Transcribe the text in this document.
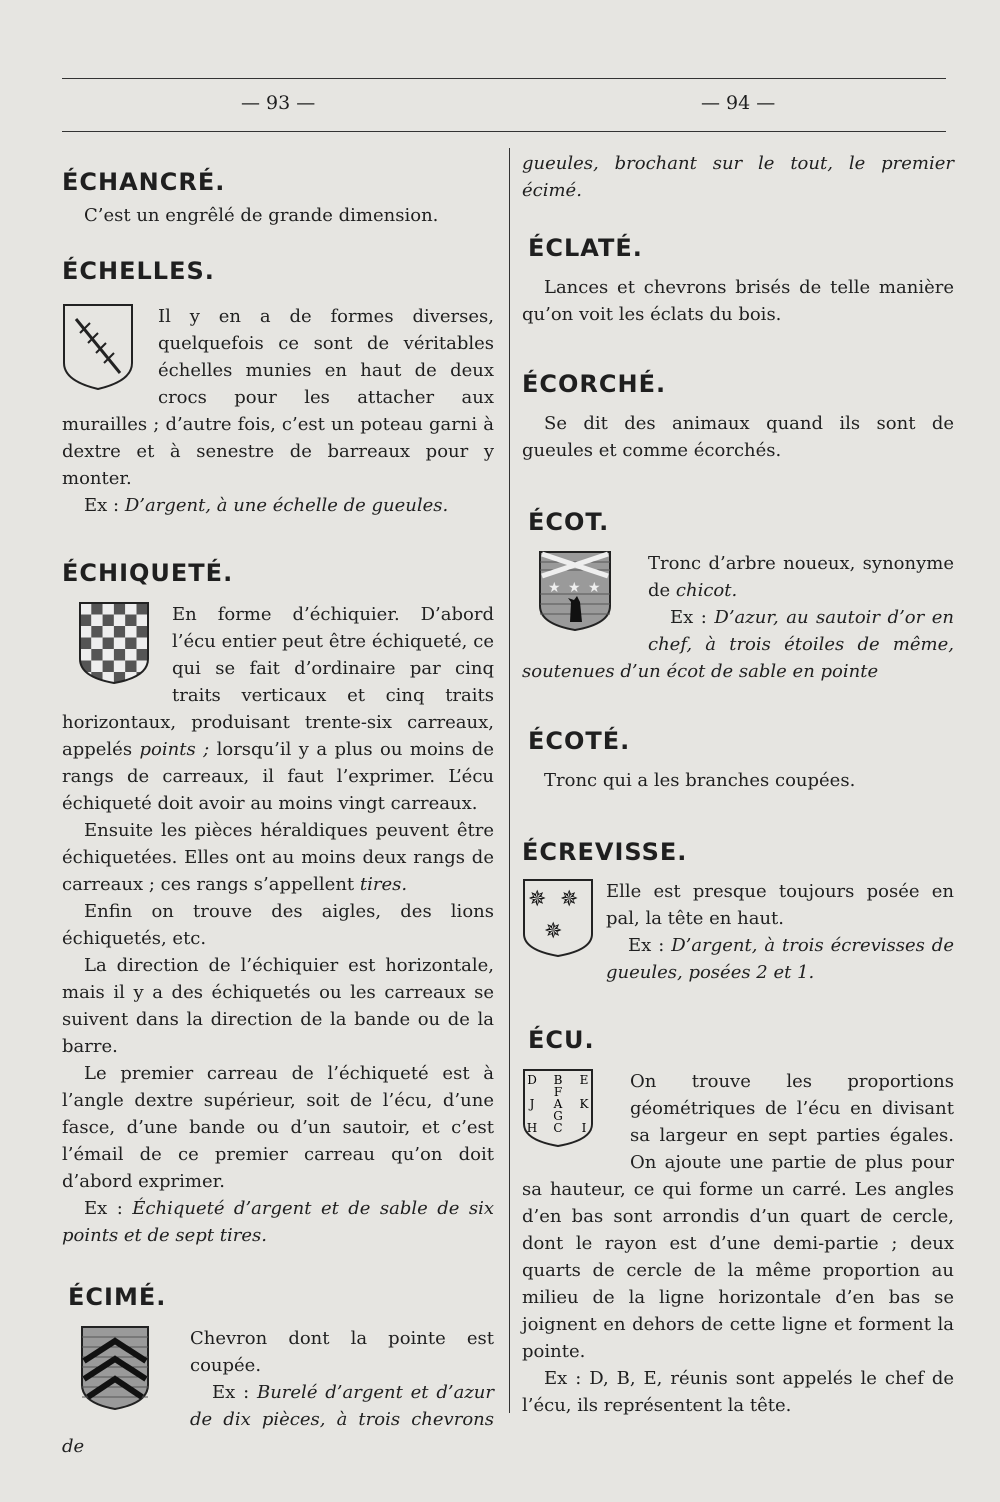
— 93 —	— 94 —
ÉCHANCRÉ.

C’est un engrêlé de grande dimension.

ÉCHELLES.

Il y en a de formes diverses, quelquefois ce sont de véritables échelles munies en haut de deux crocs pour les attacher aux murailles ; d’autre fois, c’est un poteau garni à dextre et à senestre de barreaux pour y monter.

Ex : D’argent, à une échelle de gueules.

ÉCHIQUETÉ.

En forme d’échiquier. D’abord l’écu entier peut être échiqueté, ce qui se fait d’ordinaire par cinq traits verticaux et cinq traits horizontaux, produisant trente-six carreaux, appelés points ; lorsqu’il y a plus ou moins de rangs de carreaux, il faut l’exprimer. L’écu échiqueté doit avoir au moins vingt carreaux.

Ensuite les pièces héraldiques peuvent être échiquetées. Elles ont au moins deux rangs de carreaux ; ces rangs s’appellent tires.

Enfin on trouve des aigles, des lions échiquetés, etc.

La direction de l’échiquier est horizontale, mais il y a des échiquetés ou les carreaux se suivent dans la direction de la bande ou de la barre.

Le premier carreau de l’échiqueté est à l’angle dextre supérieur, soit de l’écu, d’une fasce, d’une bande ou d’un sautoir, et c’est l’émail de ce premier carreau qu’on doit d’abord exprimer.

Ex : Échiqueté d’argent et de sable de six points et de sept tires.

ÉCIMÉ.

Chevron dont la pointe est coupée.

Ex : Burelé d’argent et d’azur de dix pièces, à trois chevrons de

gueules, brochant sur le tout, le premier écimé.

ÉCLATÉ.

Lances et chevrons brisés de telle manière qu’on voit les éclats du bois.

ÉCORCHÉ.

Se dit des animaux quand ils sont de gueules et comme écorchés.

ÉCOT.
★ ★ ★

Tronc d’arbre noueux, synonyme de chicot.

Ex : D’azur, au sautoir d’or en chef, à trois étoiles de même, soutenues d’un écot de sable en pointe

ÉCOTÉ.

Tronc qui a les branches coupées.

ÉCREVISSE.
✵ ✵
✵

Elle est presque toujours posée en pal, la tête en haut.

Ex : D’argent, à trois écrevisses de gueules, posées 2 et 1.

ÉCU.
D B E
F
J A K
G
H C I

On trouve les proportions géométriques de l’écu en divisant sa largeur en sept parties égales. On ajoute une partie de plus pour sa hauteur, ce qui forme un carré. Les angles d’en bas sont arrondis d’un quart de cercle, dont le rayon est d’une demi-partie ; deux quarts de cercle de la même proportion au milieu de la ligne horizontale d’en bas se joignent en dehors de cette ligne et forment la pointe.

Ex : D, B, E, réunis sont appelés le chef de l’écu, ils représentent la tête.
